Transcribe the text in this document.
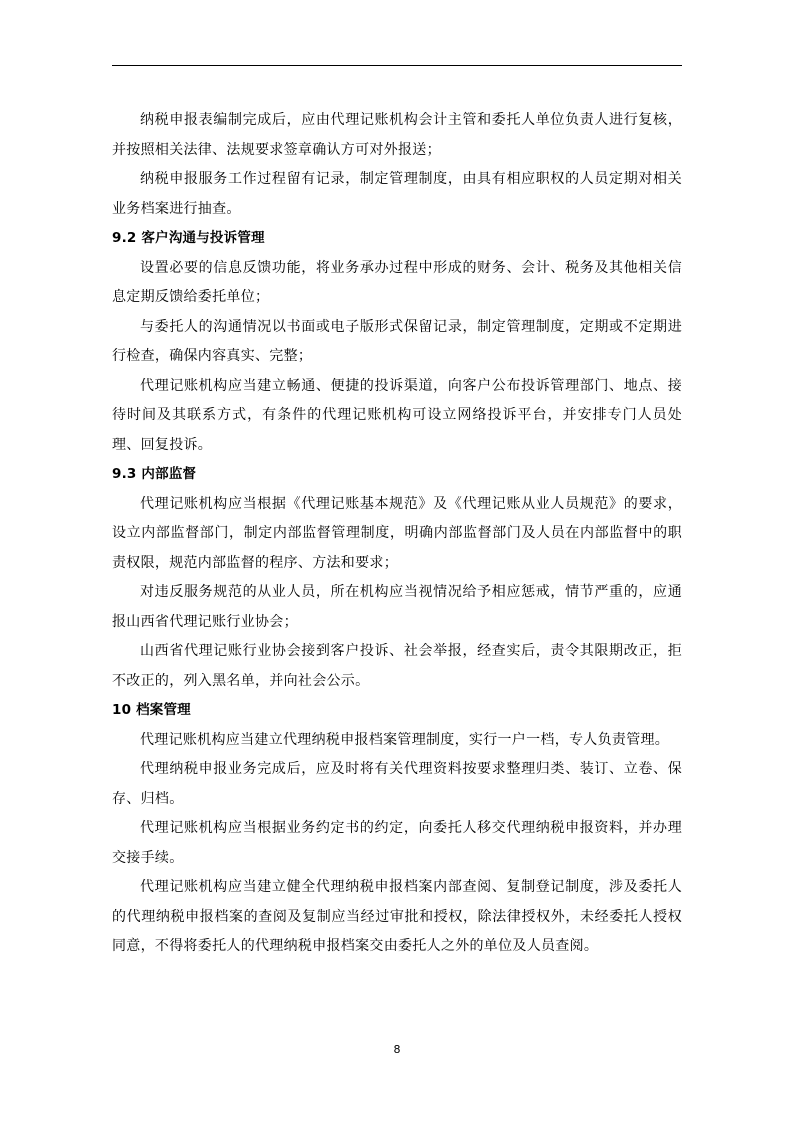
纳税申报表编制完成后，应由代理记账机构会计主管和委托人单位负责人进行复核，并按照相关法律、法规要求签章确认方可对外报送；

纳税申报服务工作过程留有记录，制定管理制度，由具有相应职权的人员定期对相关业务档案进行抽查。

9.2 客户沟通与投诉管理

设置必要的信息反馈功能，将业务承办过程中形成的财务、会计、税务及其他相关信息定期反馈给委托单位；

与委托人的沟通情况以书面或电子版形式保留记录，制定管理制度，定期或不定期进行检查，确保内容真实、完整；

代理记账机构应当建立畅通、便捷的投诉渠道，向客户公布投诉管理部门、地点、接待时间及其联系方式，有条件的代理记账机构可设立网络投诉平台，并安排专门人员处理、回复投诉。

9.3 内部监督

代理记账机构应当根据《代理记账基本规范》及《代理记账从业人员规范》的要求，设立内部监督部门，制定内部监督管理制度，明确内部监督部门及人员在内部监督中的职责权限，规范内部监督的程序、方法和要求；

对违反服务规范的从业人员，所在机构应当视情况给予相应惩戒，情节严重的，应通报山西省代理记账行业协会；

山西省代理记账行业协会接到客户投诉、社会举报，经查实后，责令其限期改正，拒不改正的，列入黑名单，并向社会公示。

10 档案管理

代理记账机构应当建立代理纳税申报档案管理制度，实行一户一档，专人负责管理。

代理纳税申报业务完成后，应及时将有关代理资料按要求整理归类、装订、立卷、保存、归档。

代理记账机构应当根据业务约定书的约定，向委托人移交代理纳税申报资料，并办理交接手续。

代理记账机构应当建立健全代理纳税申报档案内部查阅、复制登记制度，涉及委托人的代理纳税申报档案的查阅及复制应当经过审批和授权，除法律授权外，未经委托人授权同意，不得将委托人的代理纳税申报档案交由委托人之外的单位及人员查阅。

8
